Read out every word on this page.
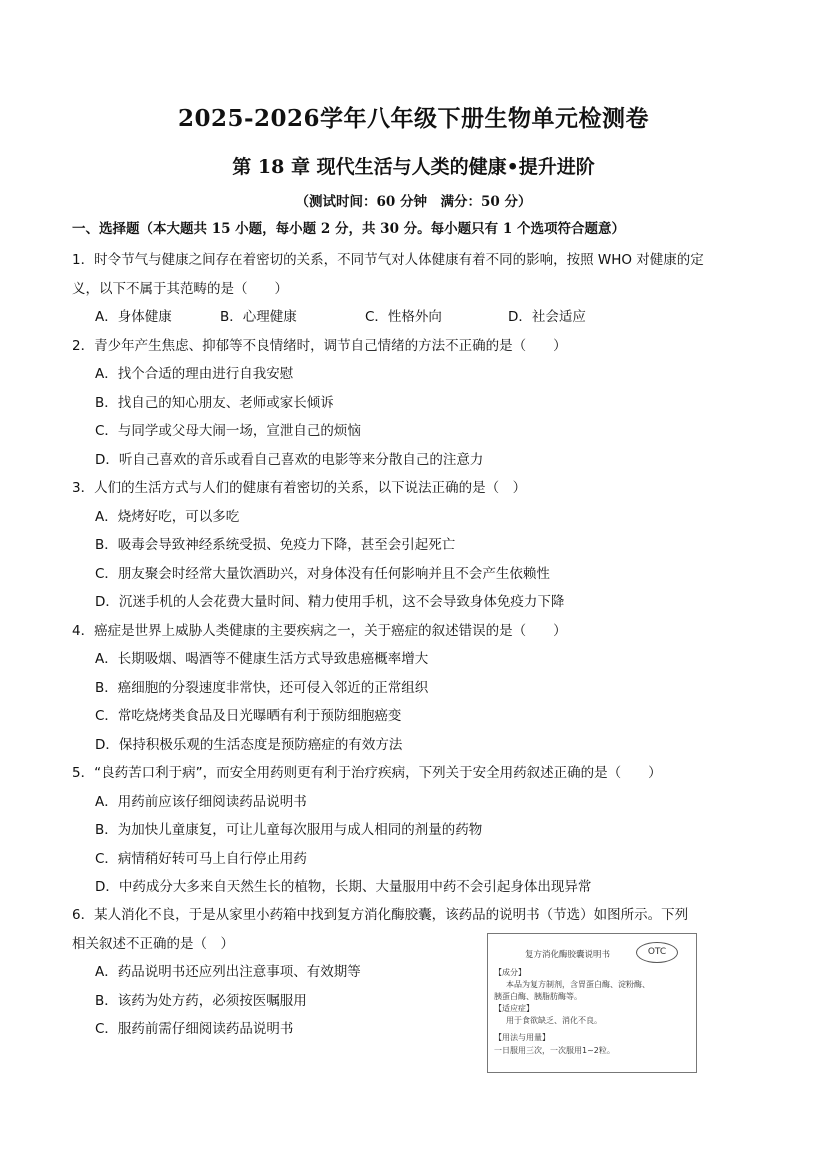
2025-2026学年八年级下册生物单元检测卷
第 18 章 现代生活与人类的健康•提升进阶
（测试时间：60 分钟　满分：50 分）
一、选择题（本大题共 15 小题，每小题 2 分，共 30 分。每小题只有 1 个选项符合题意）
1．时令节气与健康之间存在着密切的关系，不同节气对人体健康有着不同的影响，按照 WHO 对健康的定
义，以下不属于其范畴的是（　　）
A．身体健康	B．心理健康	C．性格外向	D．社会适应
2．青少年产生焦虑、抑郁等不良情绪时，调节自己情绪的方法不正确的是（　　）
A．找个合适的理由进行自我安慰
B．找自己的知心朋友、老师或家长倾诉
C．与同学或父母大闹一场，宣泄自己的烦恼
D．听自己喜欢的音乐或看自己喜欢的电影等来分散自己的注意力
3．人们的生活方式与人们的健康有着密切的关系，以下说法正确的是（　）
A．烧烤好吃，可以多吃
B．吸毒会导致神经系统受损、免疫力下降，甚至会引起死亡
C．朋友聚会时经常大量饮酒助兴，对身体没有任何影响并且不会产生依赖性
D．沉迷手机的人会花费大量时间、精力使用手机，这不会导致身体免疫力下降
4．癌症是世界上威胁人类健康的主要疾病之一，关于癌症的叙述错误的是（　　）
A．长期吸烟、喝酒等不健康生活方式导致患癌概率增大
B．癌细胞的分裂速度非常快，还可侵入邻近的正常组织
C．常吃烧烤类食品及日光曝晒有利于预防细胞癌变
D．保持积极乐观的生活态度是预防癌症的有效方法
5．“良药苦口利于病”，而安全用药则更有利于治疗疾病，下列关于安全用药叙述正确的是（　　）
A．用药前应该仔细阅读药品说明书
B．为加快儿童康复，可让儿童每次服用与成人相同的剂量的药物
C．病情稍好转可马上自行停止用药
D．中药成分大多来自天然生长的植物，长期、大量服用中药不会引起身体出现异常
6．某人消化不良，于是从家里小药箱中找到复方消化酶胶囊，该药品的说明书（节选）如图所示。下列
相关叙述不正确的是（　）
A．药品说明书还应列出注意事项、有效期等
B．该药为处方药，必须按医嘱服用
C．服药前需仔细阅读药品说明书
复方消化酶胶囊说明书	OTC
【成分】
本品为复方制剂，含胃蛋白酶、淀粉酶、
胰蛋白酶、胰脂肪酶等。
【适应症】
用于食欲缺乏、消化不良。
【用法与用量】
一日服用三次，一次服用1~2粒。
